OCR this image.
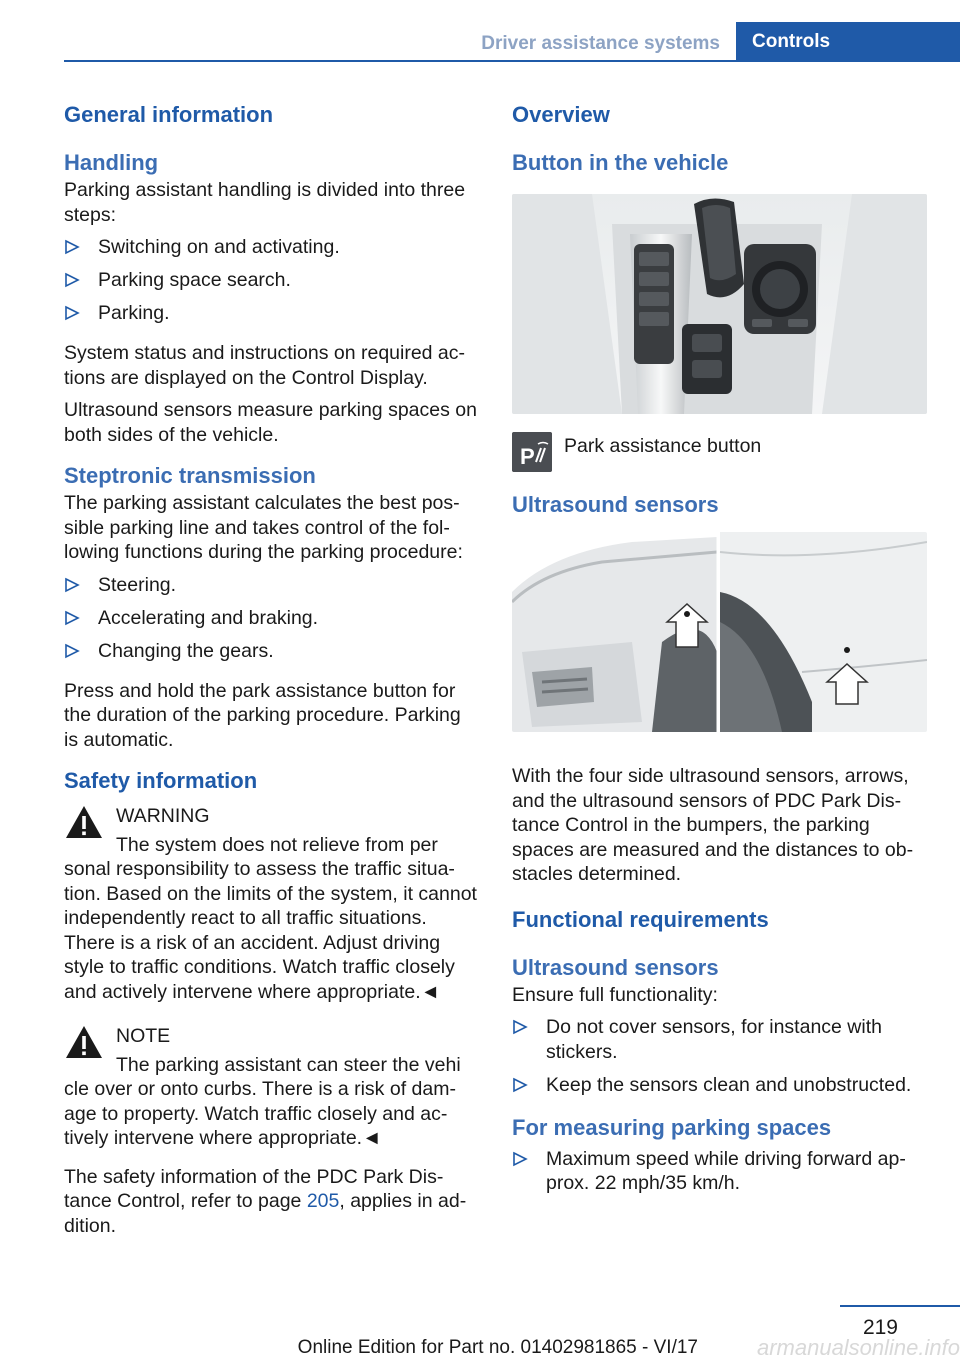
Driver assistance systems	Controls
General information
Handling
Parking assistant handling is divided into three steps:
Switching on and activating.
Parking space search.
Parking.
System status and instructions on required actions are displayed on the Control Display.
Ultrasound sensors measure parking spaces on both sides of the vehicle.
Steptronic transmission
The parking assistant calculates the best possible parking line and takes control of the following functions during the parking procedure:
Steering.
Accelerating and braking.
Changing the gears.
Press and hold the park assistance button for the duration of the parking procedure. Parking is automatic.
Safety information
WARNING
The system does not relieve from per
sonal responsibility to assess the traffic situation. Based on the limits of the system, it cannot independently react to all traffic situations. There is a risk of an accident. Adjust driving style to traffic conditions. Watch traffic closely and actively intervene where appropriate.◄
NOTE
The parking assistant can steer the vehi
cle over or onto curbs. There is a risk of damage to property. Watch traffic closely and actively intervene where appropriate.◄
The safety information of the PDC Park Distance Control, refer to page 205, applies in addition.
Overview
Button in the vehicle
P Park assistance button
Ultrasound sensors
With the four side ultrasound sensors, arrows, and the ultrasound sensors of PDC Park Distance Control in the bumpers, the parking spaces are measured and the distances to obstacles determined.
Functional requirements
Ultrasound sensors
Ensure full functionality:
Do not cover sensors, for instance with stickers.
Keep the sensors clean and unobstructed.
For measuring parking spaces
Maximum speed while driving forward approx. 22 mph/35 km/h.
219
armanualsonline.info
Online Edition for Part no. 01402981865 - VI/17
